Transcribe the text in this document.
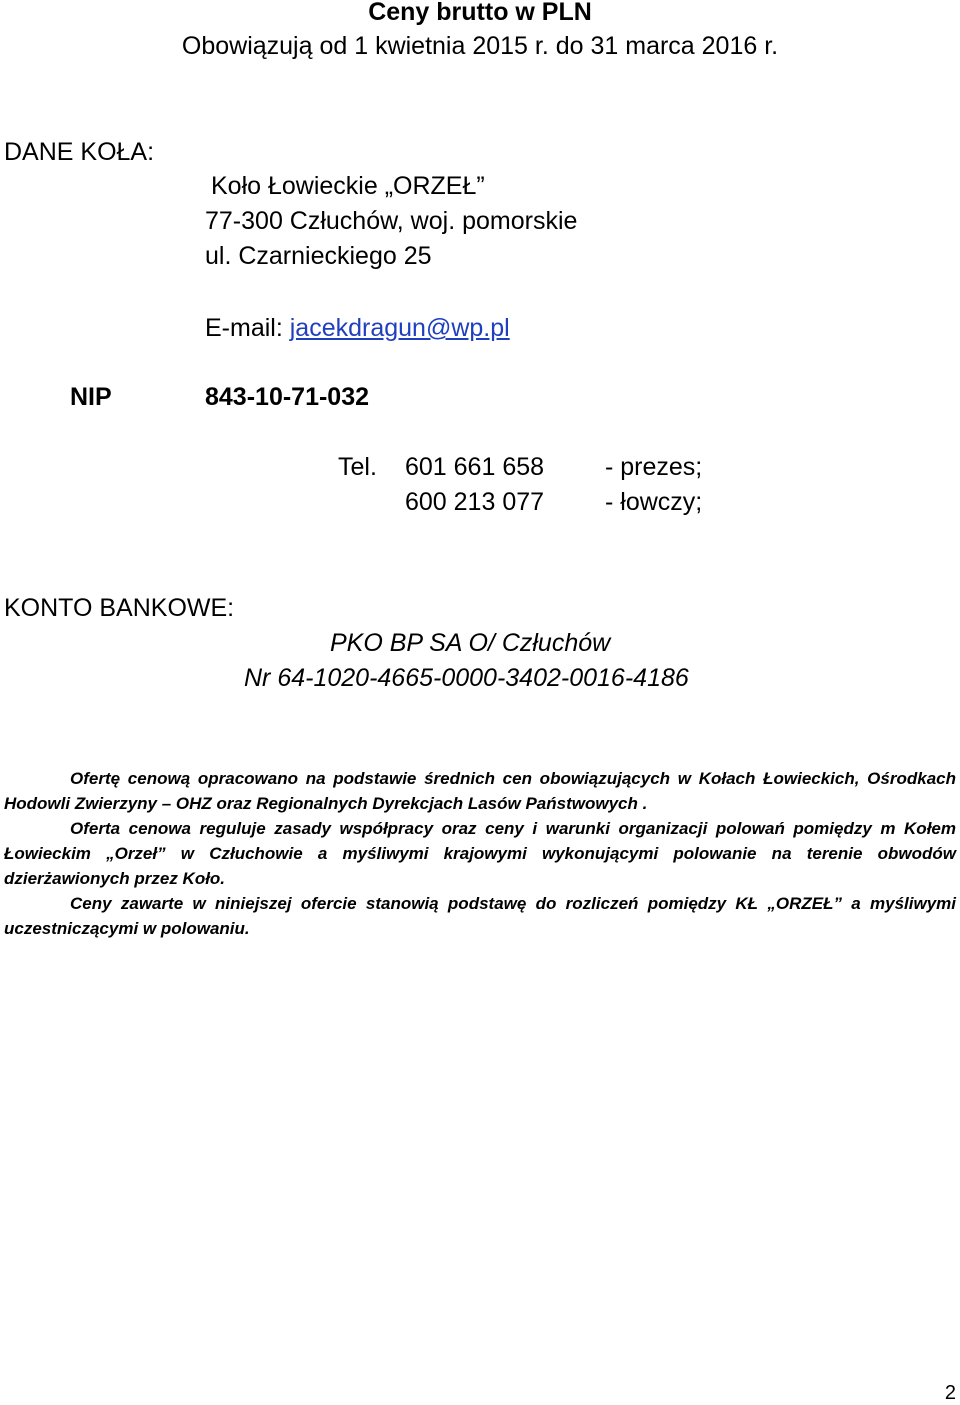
Ceny brutto w PLN
Obowiązują od 1 kwietnia 2015 r. do 31 marca 2016 r.
DANE KOŁA:
Koło Łowieckie „ORZEŁ”
77-300 Człuchów, woj. pomorskie
ul. Czarnieckiego 25
E-mail: jacekdragun@wp.pl
NIP	843-10-71-032
Tel. 601 661 658 - prezes;
600 213 077 - łowczy;
KONTO BANKOWE:
PKO BP SA O/ Człuchów
Nr 64-1020-4665-0000-3402-0016-4186

Ofertę cenową opracowano na podstawie średnich cen obowiązujących w Kołach Łowieckich, Ośrodkach Hodowli Zwierzyny – OHZ oraz Regionalnych Dyrekcjach Lasów Państwowych .

Oferta cenowa reguluje zasady współpracy oraz ceny i warunki organizacji polowań pomiędzy m Kołem Łowieckim „Orzeł” w Człuchowie a myśliwymi krajowymi wykonującymi polowanie na terenie obwodów dzierżawionych przez Koło.

Ceny zawarte w niniejszej ofercie stanowią podstawę do rozliczeń pomiędzy KŁ „ORZEŁ” a myśliwymi uczestniczącymi w polowaniu.

2
